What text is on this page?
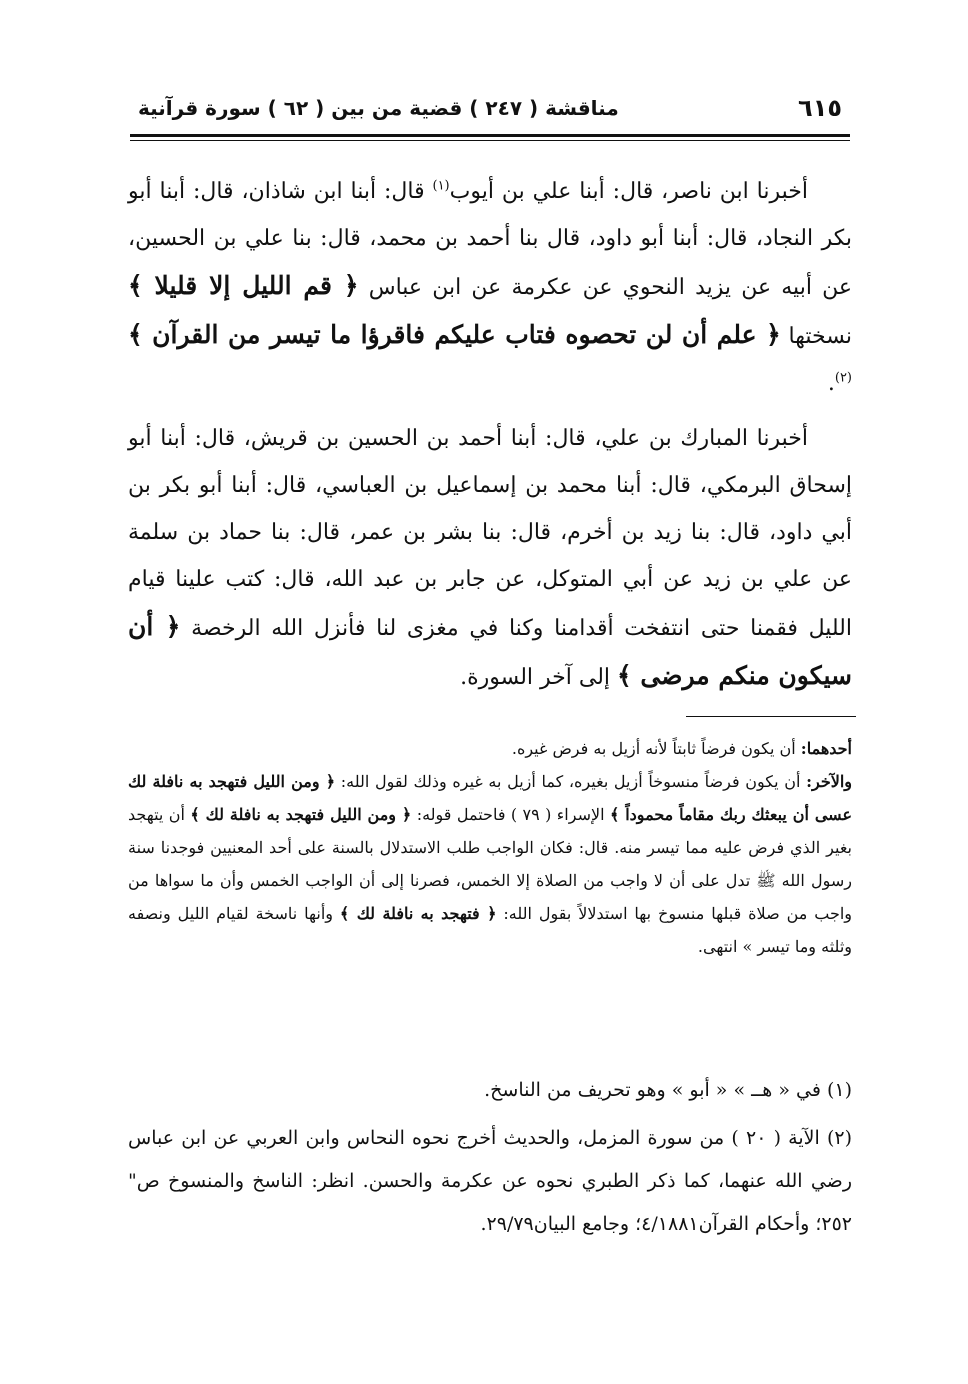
٦١٥
مناقشة ( ٢٤٧ ) قضية من بين ( ٦٢ ) سورة قرآنية

أخبرنا ابن ناصر، قال: أبنا علي بن أيوب$^{(١)}$ قال: أبنا ابن شاذان، قال: أبنا أبو بكر النجاد، قال: أبنا أبو داود، قال بنا أحمد بن محمد، قال: بنا علي بن الحسين، عن أبيه عن يزيد النحوي عن عكرمة عن ابن عباس ﴿ قم الليل إلا قليلا ﴾ نسختها ﴿ علم أن لن تحصوه فتاب عليكم فاقرؤا ما تيسر من القرآن ﴾$^{(٢)}$.

أخبرنا المبارك بن علي، قال: أبنا أحمد بن الحسين بن قريش، قال: أبنا أبو إسحاق البرمكي، قال: أبنا محمد بن إسماعيل بن العباسي، قال: أبنا أبو بكر بن أبي داود، قال: بنا زيد بن أخرم، قال: بنا بشر بن عمر، قال: بنا حماد بن سلمة عن علي بن زيد عن أبي المتوكل، عن جابر بن عبد الله، قال: كتب علينا قيام الليل فقمنا حتى انتفخت أقدامنا وكنا في مغزى لنا فأنزل الله الرخصة ﴿ أن سيكون منكم مرضى ﴾ إلى آخر السورة.

أحدهما: أن يكون فرضاً ثابتاً لأنه أزيل به فرض غيره.

والآخر: أن يكون فرضاً منسوخاً أزيل بغيره، كما أزيل به غيره وذلك لقول الله: ﴿ ومن الليل فتهجد به نافلة لك عسى أن يبعثك ربك مقاماً محموداً ﴾ الإسراء ( ٧٩ ) فاحتمل قوله: ﴿ ومن الليل فتهجد به نافلة لك ﴾ أن يتهجد بغير الذي فرض عليه مما تيسر منه. قال: فكان الواجب طلب الاستدلال بالسنة على أحد المعنيين فوجدنا سنة رسول الله ﷺ تدل على أن لا واجب من الصلاة إلا الخمس، فصرنا إلى أن الواجب الخمس وأن ما سواها من واجب من صلاة قبلها منسوخ بها استدلالاً بقول الله: ﴿ فتهجد به نافلة لك ﴾ وأنها ناسخة لقيام الليل ونصفه وثلثه وما تيسر » انتهى.

(١) في « هــ » « أبو » وهو تحريف من الناسخ.

(٢) الآية ( ٢٠ ) من سورة المزمل، والحديث أخرج نحوه النحاس وابن العربي عن ابن عباس رضي الله عنهما، كما ذكر الطبري نحوه عن عكرمة والحسن. انظر: الناسخ والمنسوخ ص" ٢٥٢؛ وأحكام القرآن٤/١٨٨١؛ وجامع البيان٢٩/٧٩.
